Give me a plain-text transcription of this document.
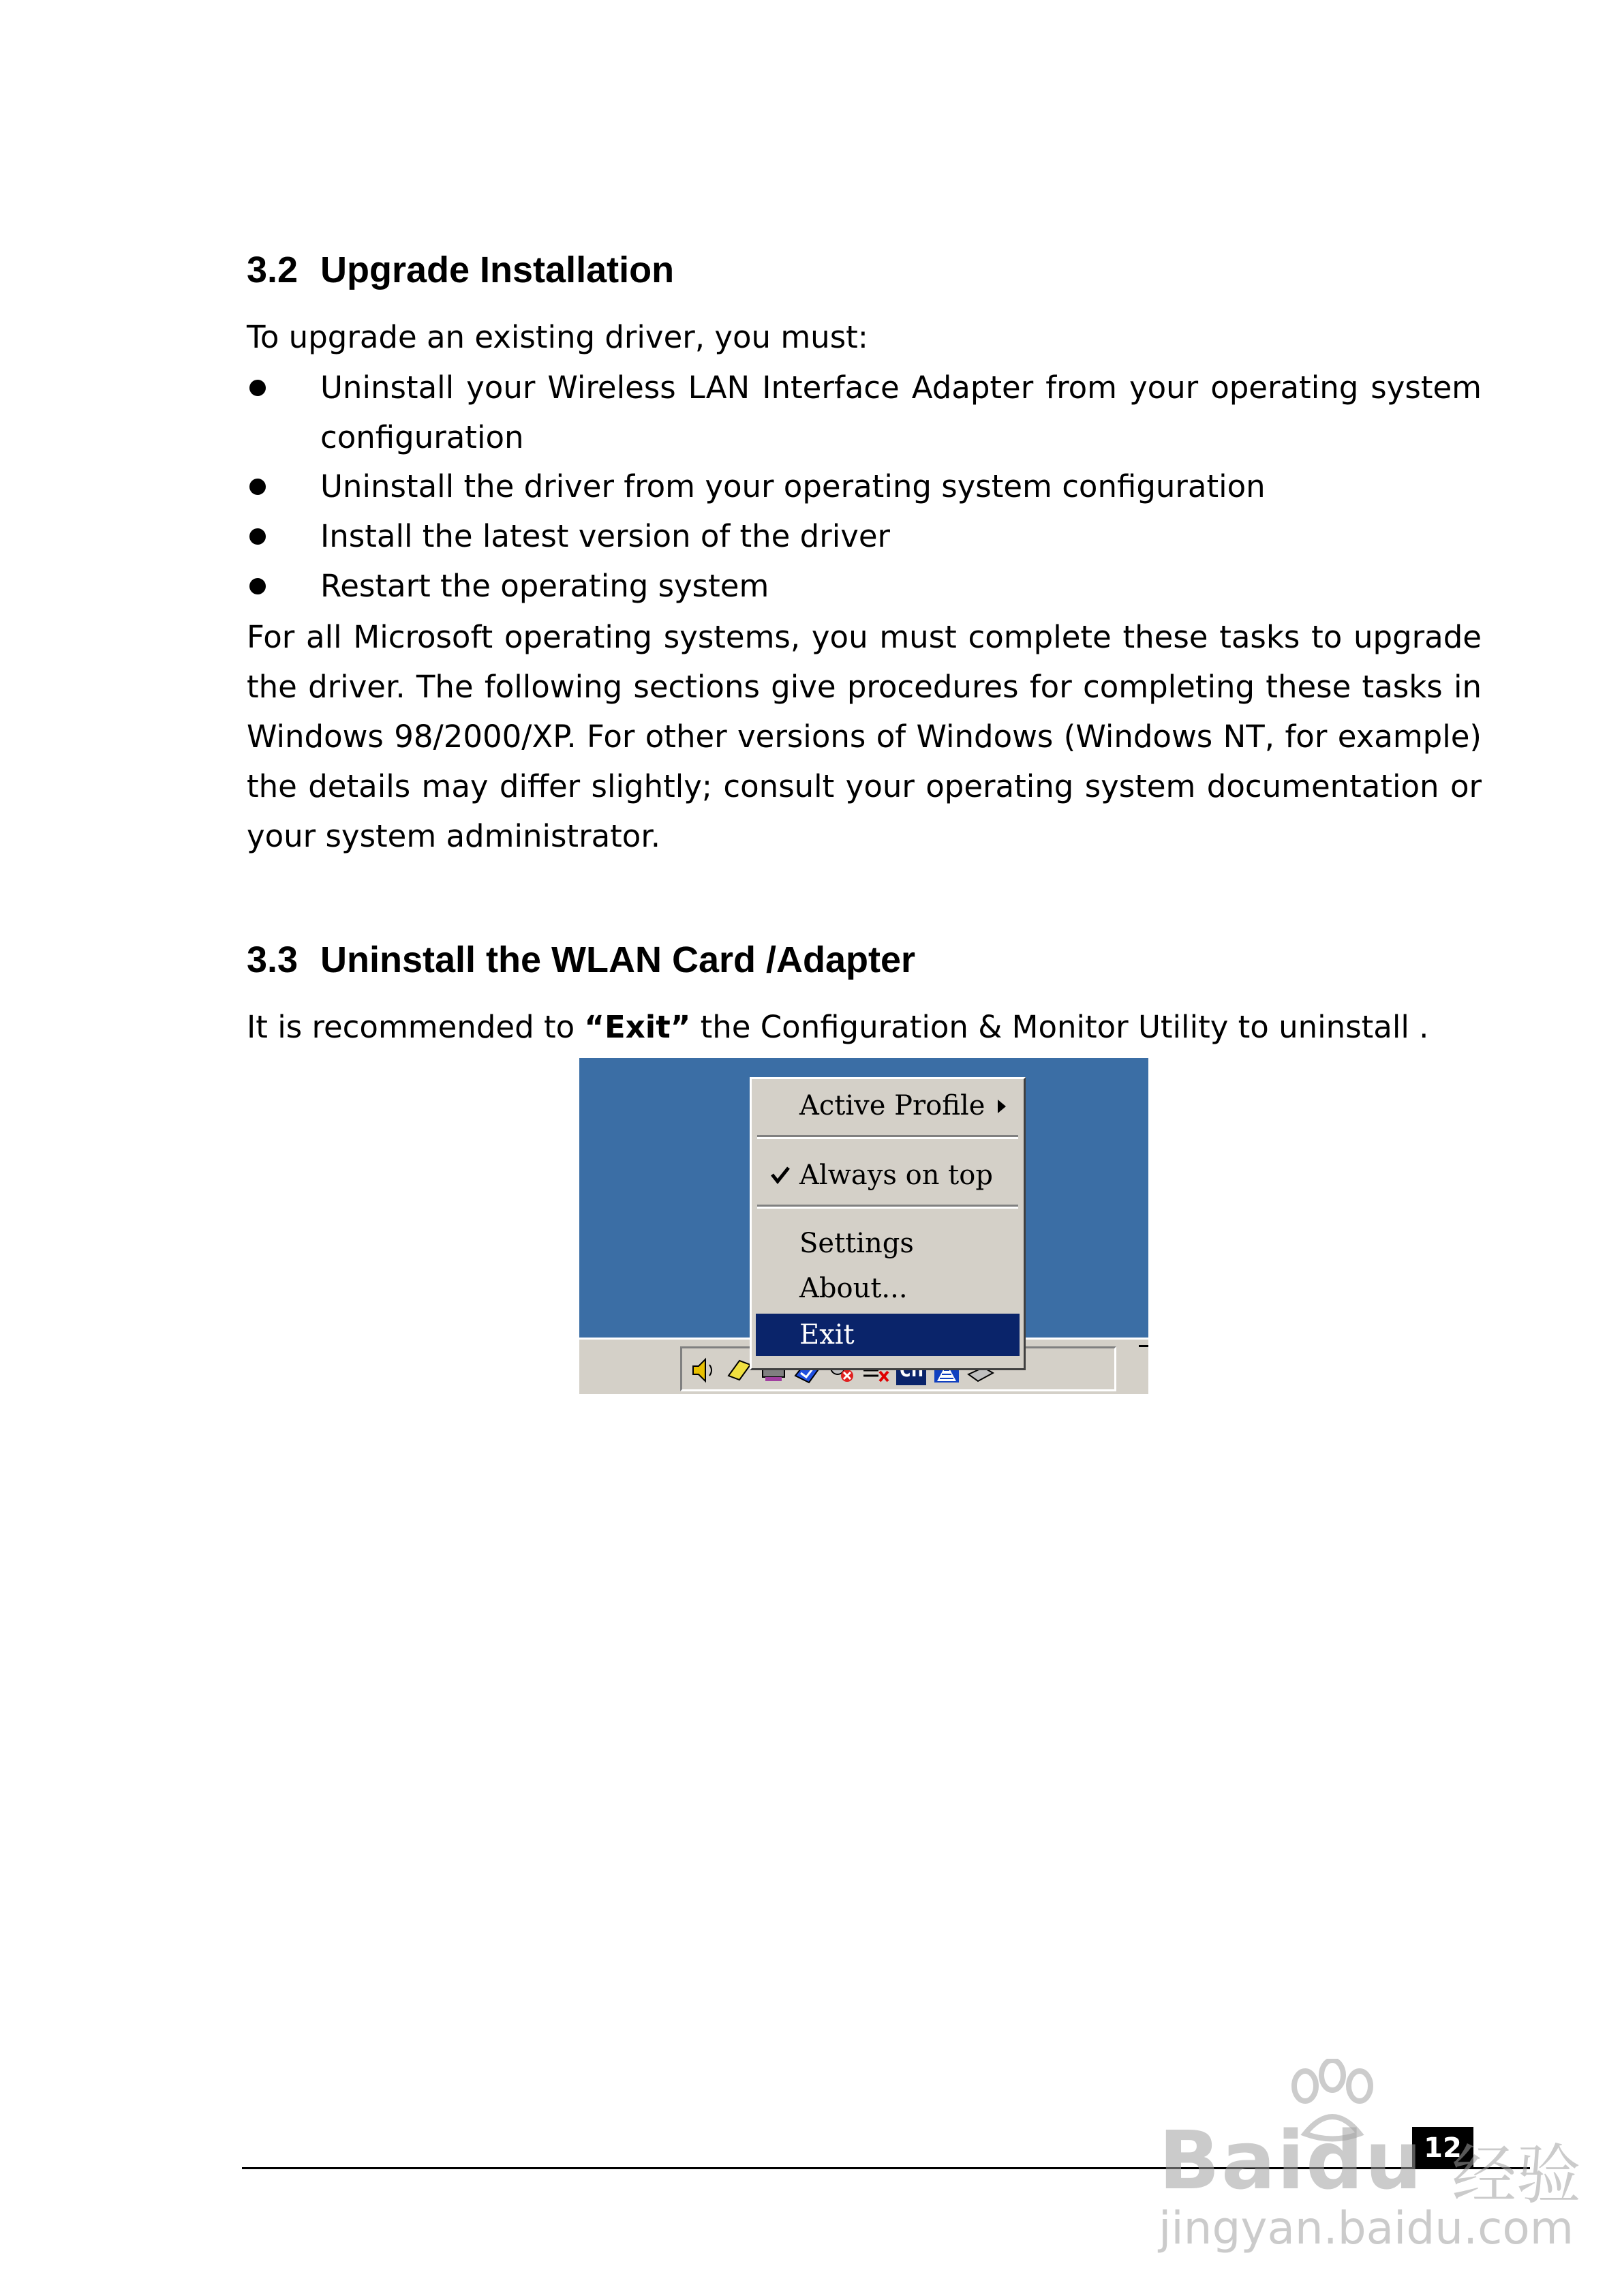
3.2 Upgrade Installation

To upgrade an existing driver, you must:

Uninstall your Wireless LAN Interface Adapter from your operating system configuration
Uninstall the driver from your operating system configuration
Install the latest version of the driver
Restart the operating system

For all Microsoft operating systems, you must complete these tasks to upgrade the driver. The following sections give procedures for completing these tasks in Windows 98/2000/XP. For other versions of Windows (Windows NT, for example) the details may differ slightly; consult your operating system documentation or your system administrator.

3.3 Uninstall the WLAN Card /Adapter

It is recommended to “Exit” the Configuration & Monitor Utility to uninstall .

Active Profile
Always on top
Settings
About...
Exit
12
Baidu 经验
jingyan.baidu.com
